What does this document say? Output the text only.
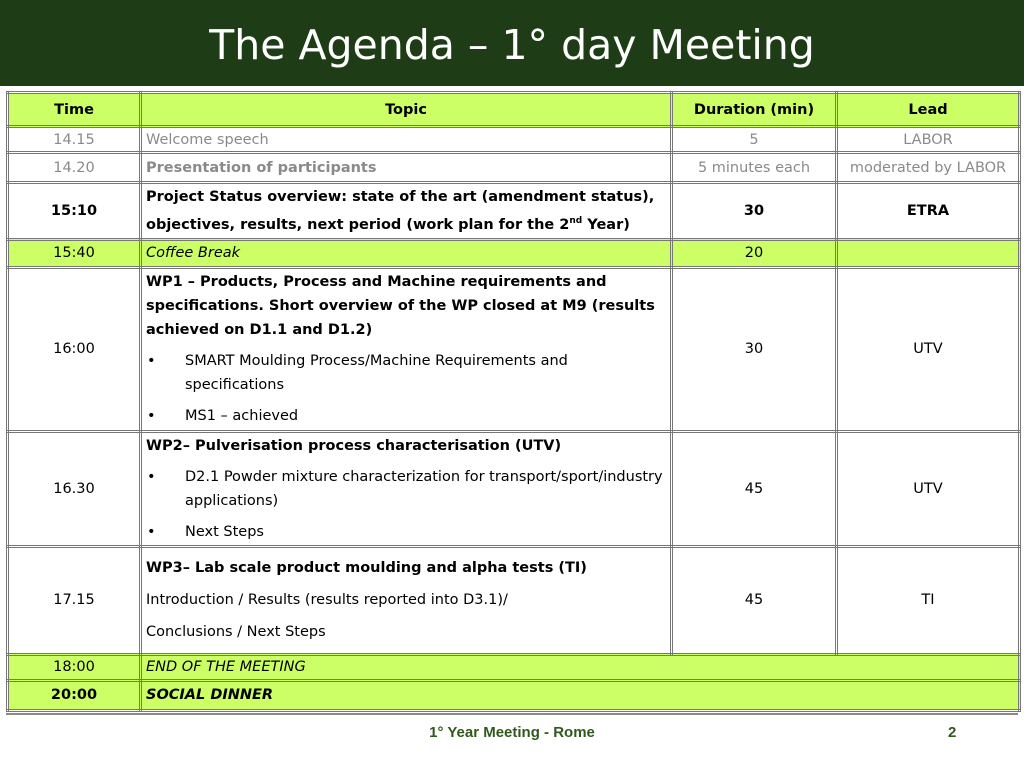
The Agenda – 1° day Meeting
Time	Topic	Duration (min)	Lead
14.15	Welcome speech	5	LABOR
14.20	Presentation of participants	5 minutes each	moderated by LABOR
15:10	Project Status overview: state of the art (amendment status), objectives, results, next period (work plan for the 2nd Year)	30	ETRA
15:40	Coffee Break	20	
16:00	WP1 – Products, Process and Machine requirements and specifications. Short overview of the WP closed at M9 (results achieved on D1.1 and D1.2)
• SMART Moulding Process/Machine Requirements and specifications
• MS1 – achieved	30	UTV
16.30	WP2– Pulverisation process characterisation (UTV)
• D2.1 Powder mixture characterization for transport/sport/industry applications)
• Next Steps	45	UTV
17.15	WP3– Lab scale product moulding and alpha tests (TI)
Introduction / Results (results reported into D3.1)/
Conclusions / Next Steps	45	TI
18:00	END OF THE MEETING		
20:00	SOCIAL DINNER		
1° Year Meeting - Rome	2
